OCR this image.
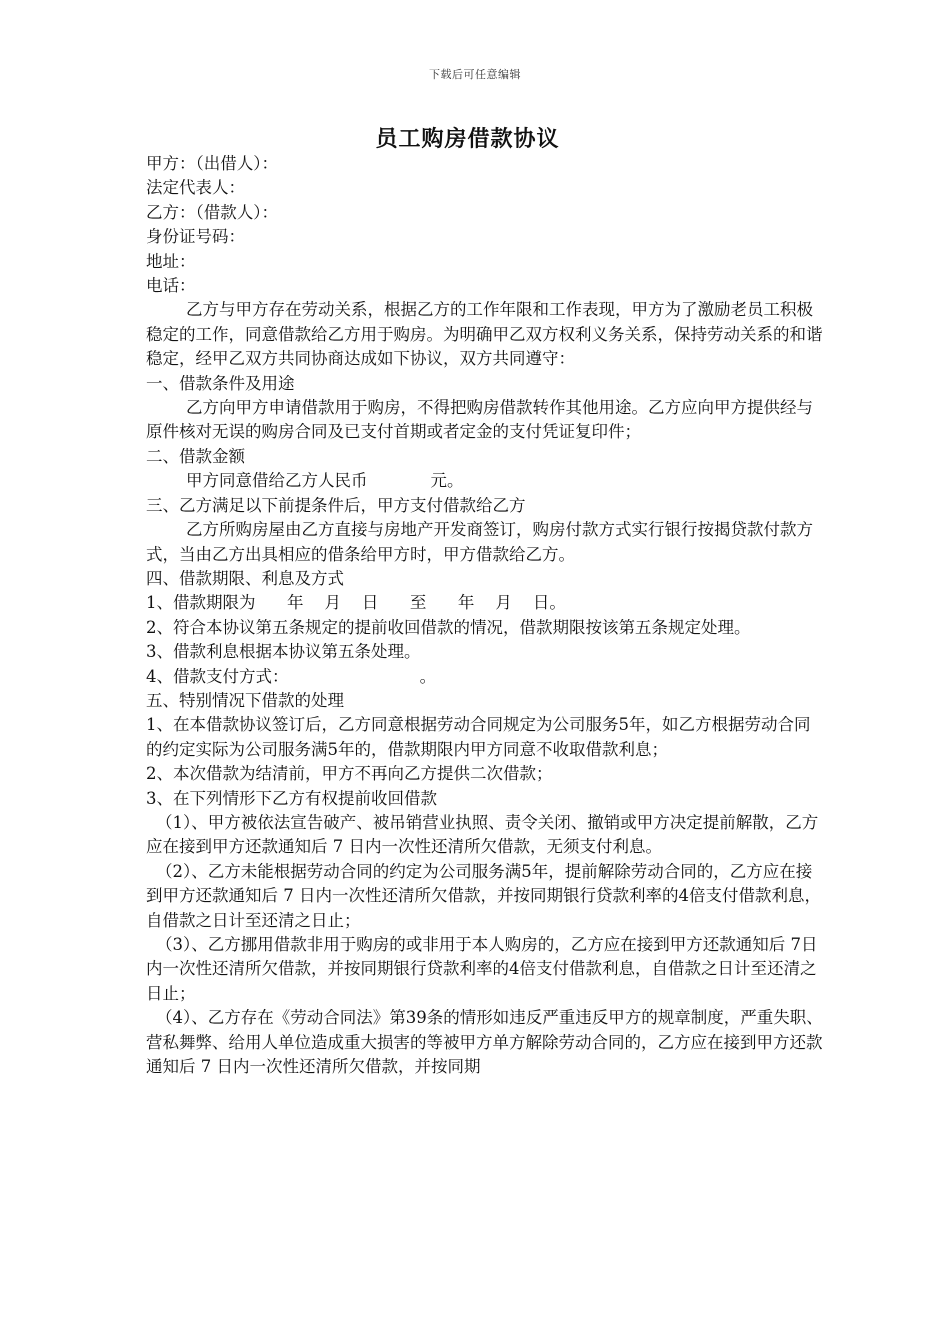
下载后可任意编辑
员工购房借款协议

甲方：（出借人）：

法定代表人：

乙方：（借款人）：

身份证号码：

地址：

电话：

乙方与甲方存在劳动关系，根据乙方的工作年限和工作表现，甲方为了激励老员工积极稳定的工作，同意借款给乙方用于购房。为明确甲乙双方权利义务关系，保持劳动关系的和谐稳定，经甲乙双方共同协商达成如下协议，双方共同遵守：

一、借款条件及用途

乙方向甲方申请借款用于购房，不得把购房借款转作其他用途。乙方应向甲方提供经与原件核对无误的购房合同及已支付首期或者定金的支付凭证复印件；

二、借款金额

甲方同意借给乙方人民币	元。

三、乙方满足以下前提条件后，甲方支付借款给乙方

乙方所购房屋由乙方直接与房地产开发商签订，购房付款方式实行银行按揭贷款付款方式，当由乙方出具相应的借条给甲方时，甲方借款给乙方。

四、借款期限、利息及方式

1、借款期限为      年    月    日      至      年    月    日。

2、符合本协议第五条规定的提前收回借款的情况，借款期限按该第五条规定处理。

3、借款利息根据本协议第五条处理。

4、借款支付方式：	。

五、特别情况下借款的处理

1、在本借款协议签订后，乙方同意根据劳动合同规定为公司服务5年，如乙方根据劳动合同的约定实际为公司服务满5年的，借款期限内甲方同意不收取借款利息；

2、本次借款为结清前，甲方不再向乙方提供二次借款；

3、在下列情形下乙方有权提前收回借款

（1）、甲方被依法宣告破产、被吊销营业执照、责令关闭、撤销或甲方决定提前解散，乙方应在接到甲方还款通知后 7 日内一次性还清所欠借款，无须支付利息。

（2）、乙方未能根据劳动合同的约定为公司服务满5年，提前解除劳动合同的，乙方应在接到甲方还款通知后 7 日内一次性还清所欠借款，并按同期银行贷款利率的4倍支付借款利息，自借款之日计至还清之日止；

（3）、乙方挪用借款非用于购房的或非用于本人购房的，乙方应在接到甲方还款通知后 7日内一次性还清所欠借款，并按同期银行贷款利率的4倍支付借款利息，自借款之日计至还清之日止；

（4）、乙方存在《劳动合同法》第39条的情形如违反严重违反甲方的规章制度，严重失职、营私舞弊、给用人单位造成重大损害的等被甲方单方解除劳动合同的，乙方应在接到甲方还款通知后 7 日内一次性还清所欠借款，并按同期
